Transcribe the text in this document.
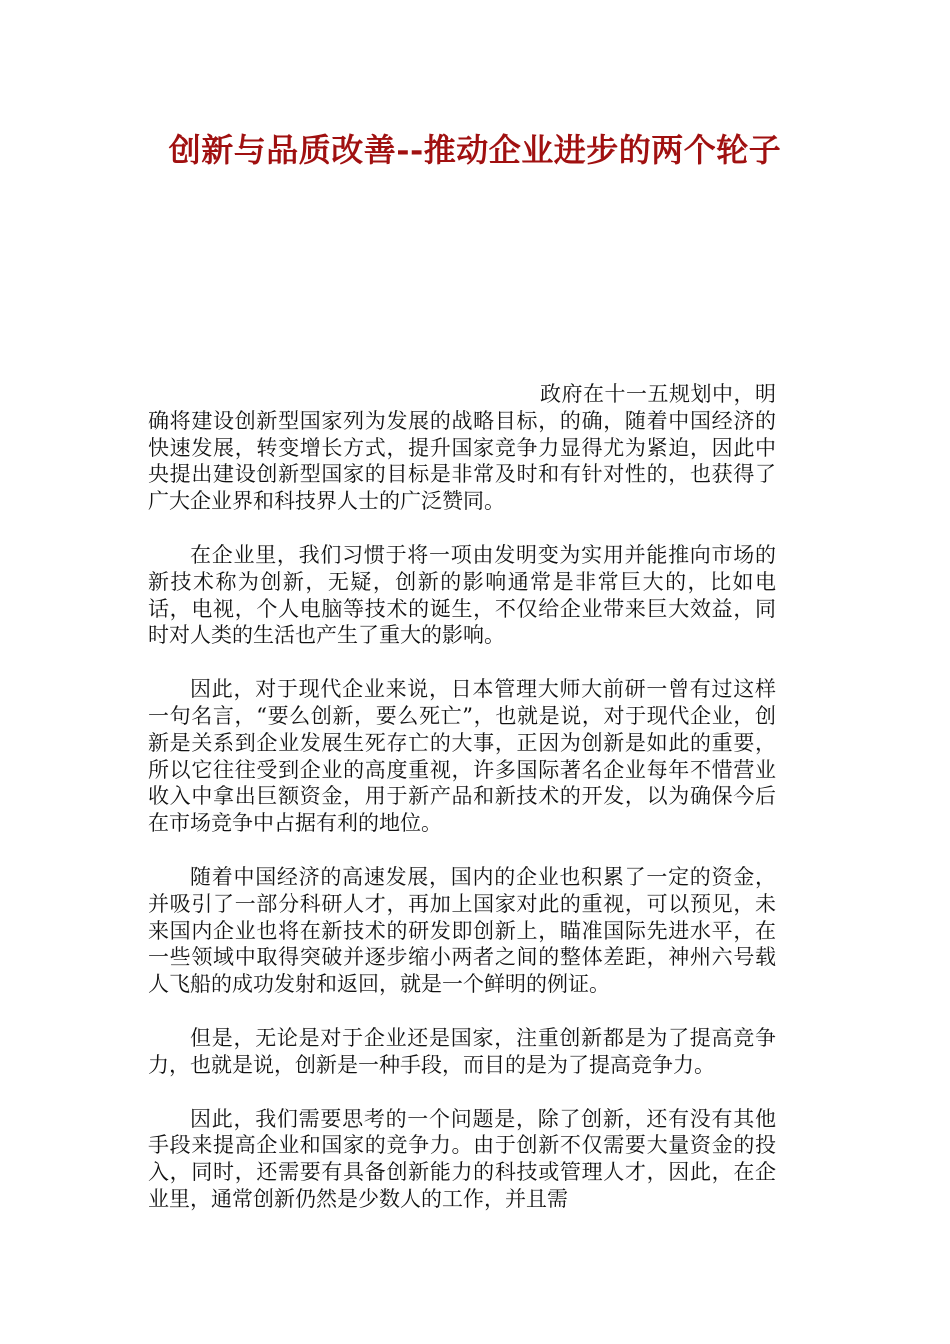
创新与品质改善--推动企业进步的两个轮子

政府在十一五规划中，明确将建设创新型国家列为发展的战略目标，的确，随着中国经济的快速发展，转变增长方式，提升国家竞争力显得尤为紧迫，因此中央提出建设创新型国家的目标是非常及时和有针对性的，也获得了广大企业界和科技界人士的广泛赞同。

在企业里，我们习惯于将一项由发明变为实用并能推向市场的新技术称为创新，无疑，创新的影响通常是非常巨大的，比如电话，电视，个人电脑等技术的诞生，不仅给企业带来巨大效益，同时对人类的生活也产生了重大的影响。

因此，对于现代企业来说，日本管理大师大前研一曾有过这样一句名言，“要么创新，要么死亡”，也就是说，对于现代企业，创新是关系到企业发展生死存亡的大事，正因为创新是如此的重要，所以它往往受到企业的高度重视，许多国际著名企业每年不惜营业收入中拿出巨额资金，用于新产品和新技术的开发，以为确保今后在市场竞争中占据有利的地位。

随着中国经济的高速发展，国内的企业也积累了一定的资金，并吸引了一部分科研人才，再加上国家对此的重视，可以预见，未来国内企业也将在新技术的研发即创新上，瞄准国际先进水平，在一些领域中取得突破并逐步缩小两者之间的整体差距，神州六号载人飞船的成功发射和返回，就是一个鲜明的例证。

但是，无论是对于企业还是国家，注重创新都是为了提高竞争力，也就是说，创新是一种手段，而目的是为了提高竞争力。

因此，我们需要思考的一个问题是，除了创新，还有没有其他手段来提高企业和国家的竞争力。由于创新不仅需要大量资金的投入，同时，还需要有具备创新能力的科技或管理人才，因此，在企业里，通常创新仍然是少数人的工作，并且需
